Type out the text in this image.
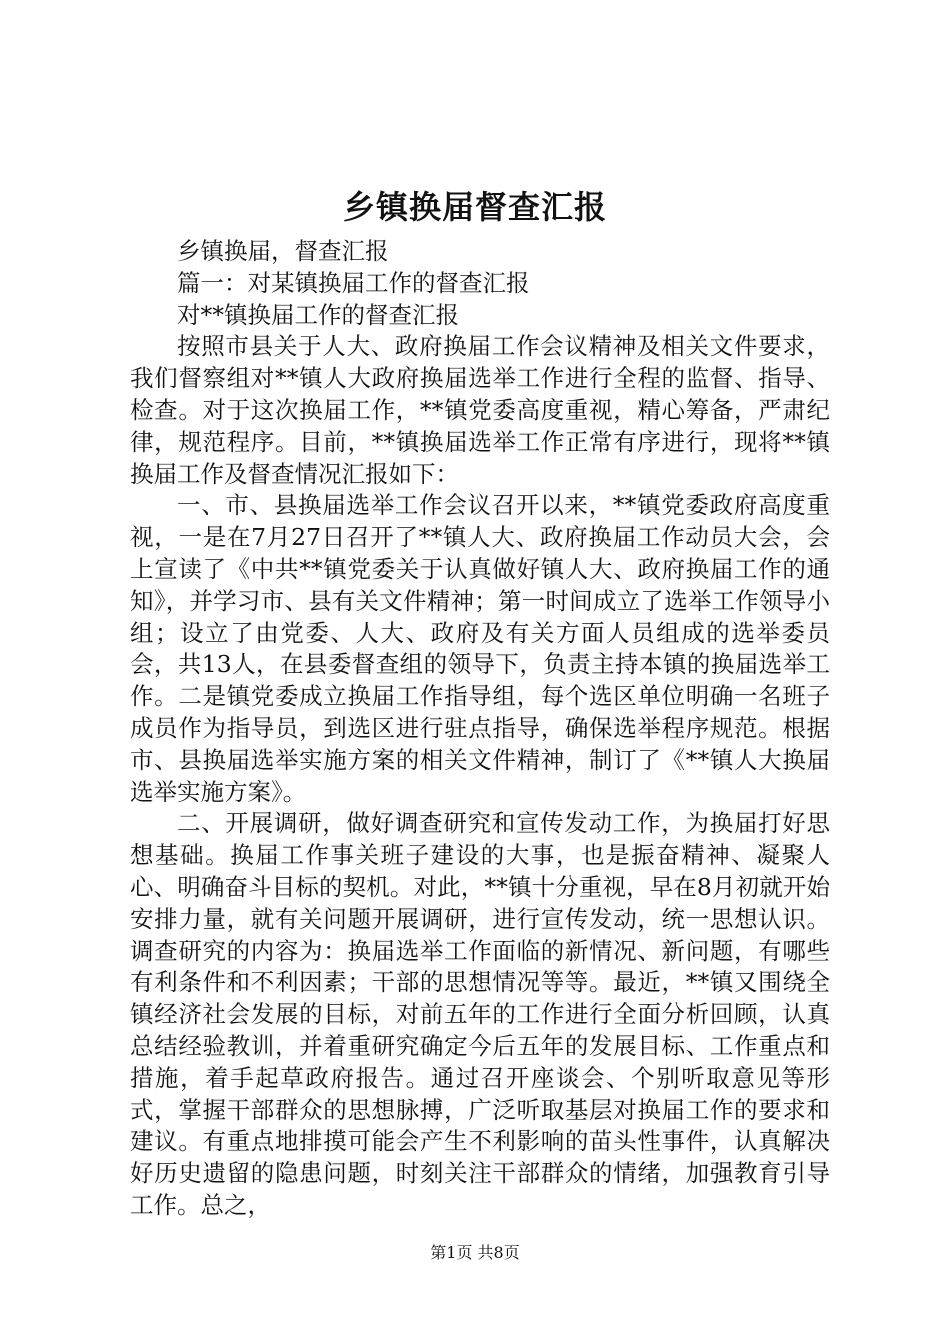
乡镇换届督查汇报

乡镇换届，督查汇报

篇一：对某镇换届工作的督查汇报

对**镇换届工作的督查汇报

按照市县关于人大、政府换届工作会议精神及相关文件要求，我们督察组对**镇人大政府换届选举工作进行全程的监督、指导、检查。对于这次换届工作，**镇党委高度重视，精心筹备，严肃纪律，规范程序。目前，**镇换届选举工作正常有序进行，现将**镇换届工作及督查情况汇报如下：

一、市、县换届选举工作会议召开以来，**镇党委政府高度重视，一是在7月27日召开了**镇人大、政府换届工作动员大会，会上宣读了《中共**镇党委关于认真做好镇人大、政府换届工作的通知》，并学习市、县有关文件精神；第一时间成立了选举工作领导小组；设立了由党委、人大、政府及有关方面人员组成的选举委员会，共13人，在县委督查组的领导下，负责主持本镇的换届选举工作。二是镇党委成立换届工作指导组，每个选区单位明确一名班子成员作为指导员，到选区进行驻点指导，确保选举程序规范。根据市、县换届选举实施方案的相关文件精神，制订了《**镇人大换届选举实施方案》。

二、开展调研，做好调查研究和宣传发动工作，为换届打好思想基础。换届工作事关班子建设的大事，也是振奋精神、凝聚人心、明确奋斗目标的契机。对此，**镇十分重视，早在8月初就开始安排力量，就有关问题开展调研，进行宣传发动，统一思想认识。调查研究的内容为：换届选举工作面临的新情况、新问题，有哪些有利条件和不利因素；干部的思想情况等等。最近，**镇又围绕全镇经济社会发展的目标，对前五年的工作进行全面分析回顾，认真总结经验教训，并着重研究确定今后五年的发展目标、工作重点和措施，着手起草政府报告。通过召开座谈会、个别听取意见等形式，掌握干部群众的思想脉搏，广泛听取基层对换届工作的要求和建议。有重点地排摸可能会产生不利影响的苗头性事件，认真解决好历史遗留的隐患问题，时刻关注干部群众的情绪，加强教育引导工作。总之，

第1页 共8页
